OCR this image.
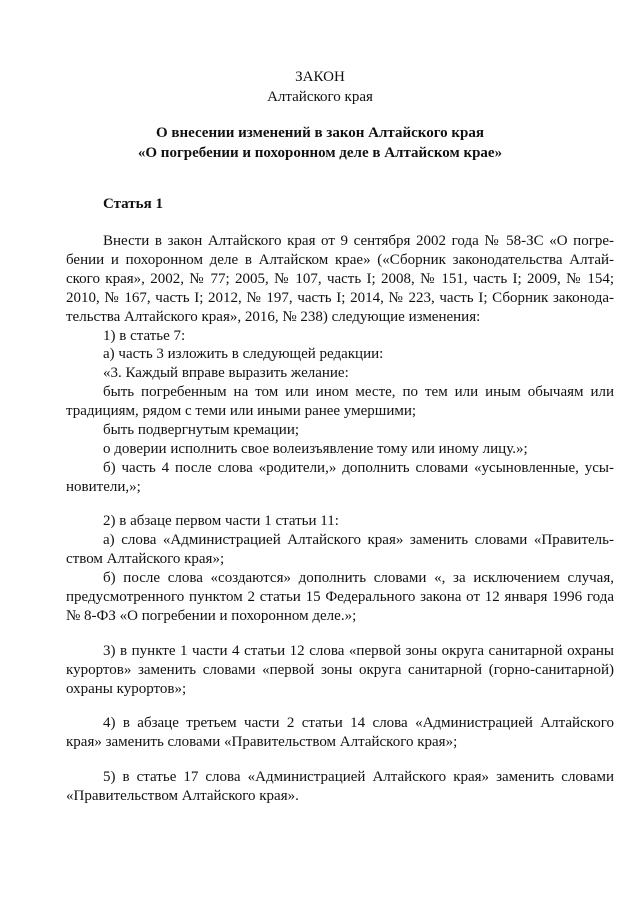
ЗАКОН
Алтайского края
О внесении изменений в закон Алтайского края
«О погребении и похоронном деле в Алтайском крае»
Статья 1
Внести в закон Алтайского края от 9 сентября 2002 года № 58-ЗС «О погре-
бении и похоронном деле в Алтайском крае» («Сборник законодательства Алтай-
ского края», 2002, № 77; 2005, № 107, часть I; 2008, № 151, часть I; 2009, № 154;
2010, № 167, часть I; 2012, № 197, часть I; 2014, № 223, часть I; Сборник законода-
тельства Алтайского края», 2016, № 238) следующие изменения:
1) в статье 7:
а) часть 3 изложить в следующей редакции:
«3. Каждый вправе выразить желание:
быть погребенным на том или ином месте, по тем или иным обычаям или
традициям, рядом с теми или иными ранее умершими;
быть подвергнутым кремации;
о доверии исполнить свое волеизъявление тому или иному лицу.»;
б) часть 4 после слова «родители,» дополнить словами «усыновленные, усы-
новители,»;
2) в абзаце первом части 1 статьи 11:
а) слова «Администрацией Алтайского края» заменить словами «Правитель-
ством Алтайского края»;
б) после слова «создаются» дополнить словами «, за исключением случая,
предусмотренного пунктом 2 статьи 15 Федерального закона от 12 января 1996 года
№ 8-ФЗ «О погребении и похоронном деле.»;
3) в пункте 1 части 4 статьи 12 слова «первой зоны округа санитарной охраны
курортов» заменить словами «первой зоны округа санитарной (горно-санитарной)
охраны курортов»;
4) в абзаце третьем части 2 статьи 14 слова «Администрацией Алтайского
края» заменить словами «Правительством Алтайского края»;
5) в статье 17 слова «Администрацией Алтайского края» заменить словами
«Правительством Алтайского края».
